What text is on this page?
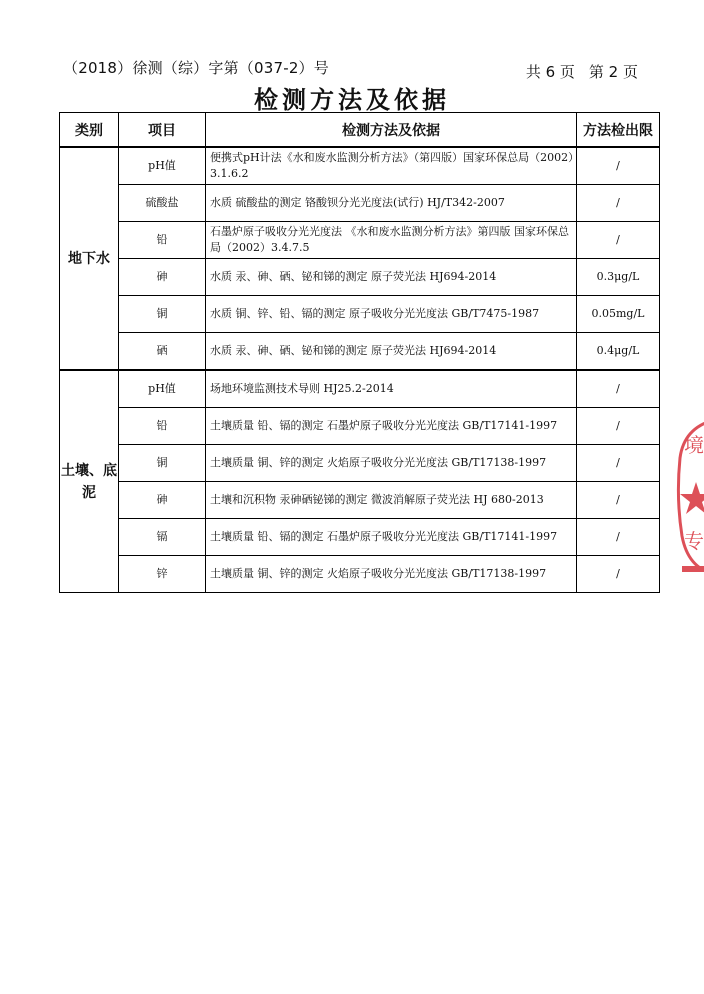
（2018）徐测（综）字第（037-2）号	共 6 页 第 2 页
检测方法及依据
类别	项目	检测方法及依据	方法检出限
地下水	pH值	便携式pH计法《水和废水监测分析方法》（第四版）国家环保总局（2002）3.1.6.2	/
	硫酸盐	水质 硫酸盐的测定 铬酸钡分光光度法(试行) HJ/T342-2007	/
	铅	石墨炉原子吸收分光光度法 《水和废水监测分析方法》第四版 国家环保总局（2002）3.4.7.5	/
	砷	水质 汞、砷、硒、铋和锑的测定 原子荧光法 HJ694-2014	0.3μg/L
	铜	水质 铜、锌、铅、镉的测定 原子吸收分光光度法 GB/T7475-1987	0.05mg/L
	硒	水质 汞、砷、硒、铋和锑的测定 原子荧光法 HJ694-2014	0.4μg/L
土壤、底泥	pH值	场地环境监测技术导则 HJ25.2-2014	/
	铅	土壤质量 铅、镉的测定 石墨炉原子吸收分光光度法 GB/T17141-1997	/
	铜	土壤质量 铜、锌的测定 火焰原子吸收分光光度法 GB/T17138-1997	/
	砷	土壤和沉积物 汞砷硒铋锑的测定 微波消解原子荧光法 HJ 680-2013	/
	镉	土壤质量 铅、镉的测定 石墨炉原子吸收分光光度法 GB/T17141-1997	/
	锌	土壤质量 铜、锌的测定 火焰原子吸收分光光度法 GB/T17138-1997	/
境
专
